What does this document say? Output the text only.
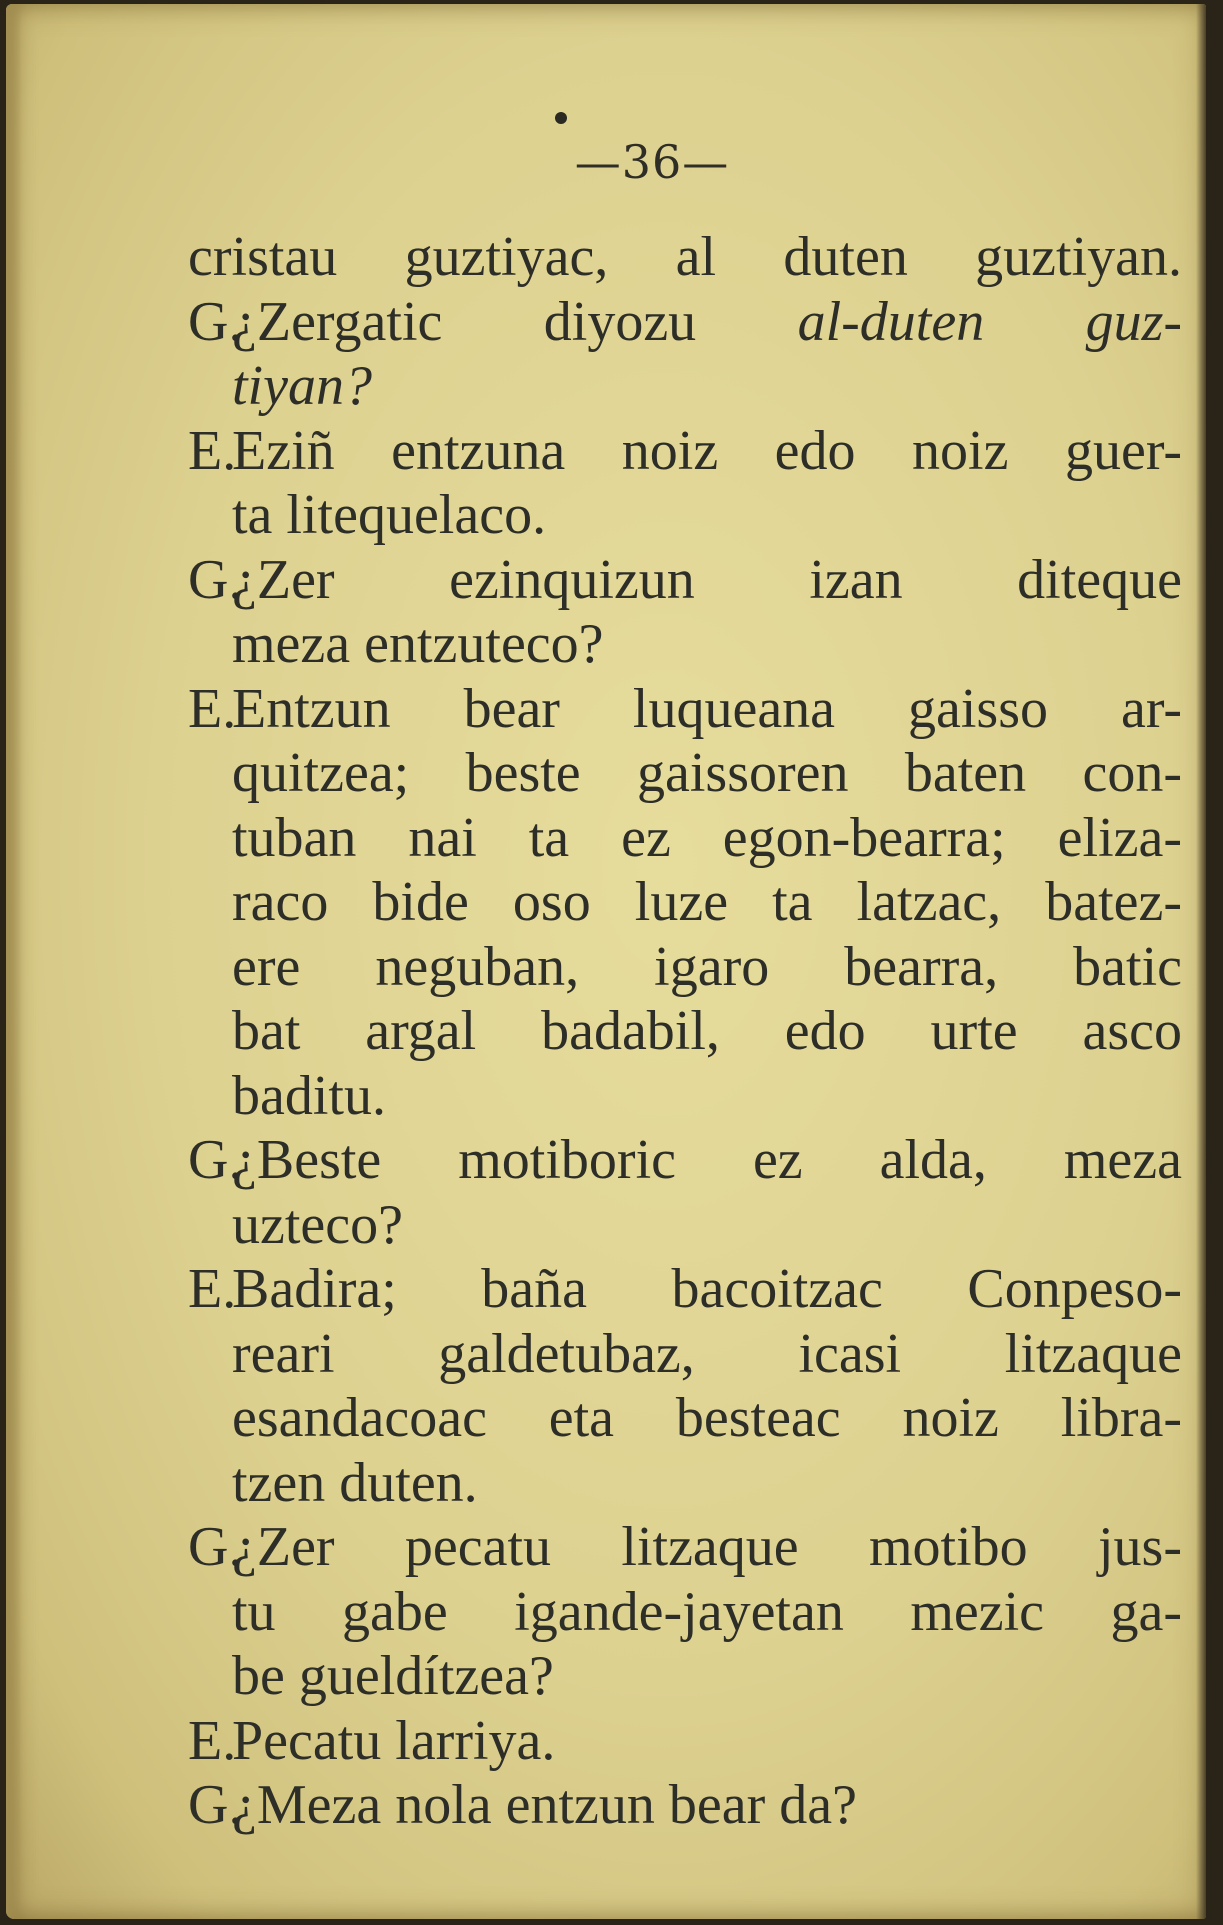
—36—
cristau guztiyac, al duten guztiyan.
G.¿Zergatic diyozu al-duten guz-
tiyan?
E.Eziñ entzuna noiz edo noiz guer-
ta litequelaco.
G.¿Zer ezinquizun izan diteque
meza entzuteco?
E.Entzun bear luqueana gaisso ar-
quitzea; beste gaissoren baten con-
tuban nai ta ez egon-bearra; eliza-
raco bide oso luze ta latzac, batez-
ere neguban, igaro bearra, batic
bat argal badabil, edo urte asco
baditu.
G.¿Beste motiboric ez alda, meza
uzteco?
E.Badira; baña bacoitzac Conpeso-
reari galdetubaz, icasi litzaque
esandacoac eta besteac noiz libra-
tzen duten.
G.¿Zer pecatu litzaque motibo jus-
tu gabe igande-jayetan mezic ga-
be gueldítzea?
E.Pecatu larriya.
G.¿Meza nola entzun bear da?
